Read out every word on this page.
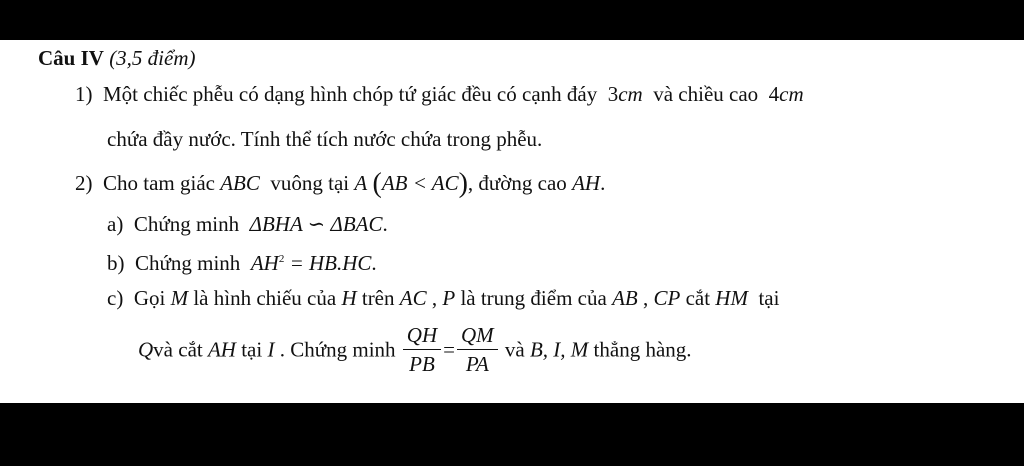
Câu IV (3,5 điểm)
1) Một chiếc phễu có dạng hình chóp tứ giác đều có cạnh đáy 3cm và chiều cao 4cm
chứa đầy nước. Tính thể tích nước chứa trong phễu.
2) Cho tam giác ABC vuông tại A (AB < AC), đường cao AH.
a) Chứng minh ΔBHA ∽ ΔBAC.
b) Chứng minh $AH^2 = HB.HC$.
c) Gọi M là hình chiếu của H trên AC , P là trung điểm của AB , CP cắt HM tại
Qvà cắt AH tại I . Chứng minh $\frac{QH}{PB} = \frac{QM}{PA}$ và B, I, M thẳng hàng.
